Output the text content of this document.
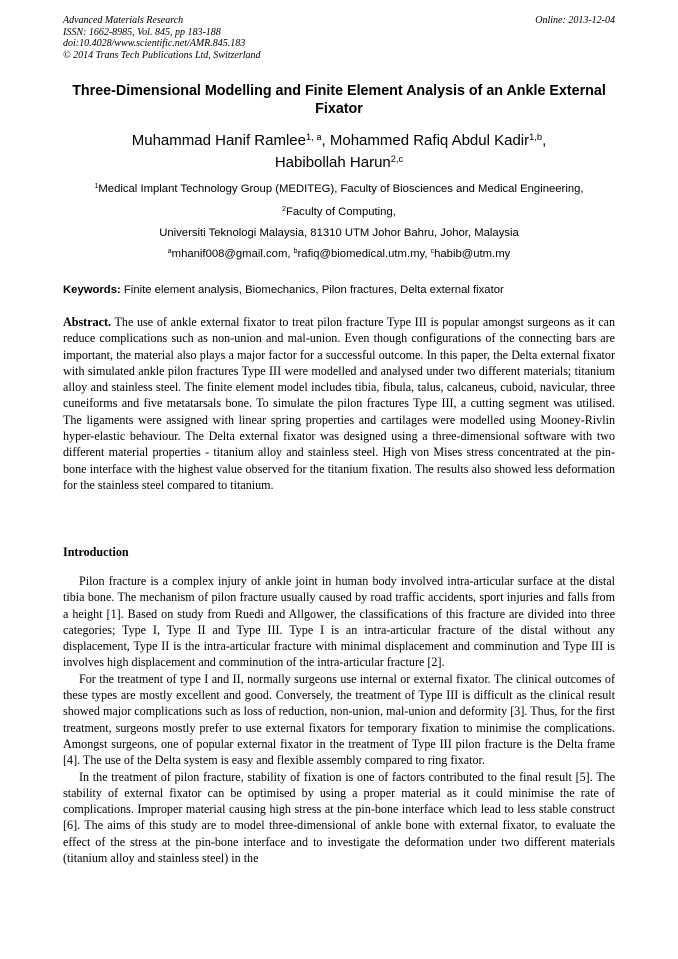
Advanced Materials Research
ISSN: 1662-8985, Vol. 845, pp 183-188
doi:10.4028/www.scientific.net/AMR.845.183
© 2014 Trans Tech Publications Ltd, Switzerland
Online: 2013-12-04
Three-Dimensional Modelling and Finite Element Analysis of an Ankle External Fixator
Muhammad Hanif Ramlee$^{1, a}$, Mohammed Rafiq Abdul Kadir$^{1,b}$,
Habibollah Harun$^{2,c}$
$^1$Medical Implant Technology Group (MEDITEG), Faculty of Biosciences and Medical Engineering,
$^2$Faculty of Computing,
Universiti Teknologi Malaysia, 81310 UTM Johor Bahru, Johor, Malaysia
$^a$mhanif008@gmail.com, $^b$rafiq@biomedical.utm.my, $^c$habib@utm.my
Keywords: Finite element analysis, Biomechanics, Pilon fractures, Delta external fixator
Abstract. The use of ankle external fixator to treat pilon fracture Type III is popular amongst surgeons as it can reduce complications such as non-union and mal-union. Even though configurations of the connecting bars are important, the material also plays a major factor for a successful outcome. In this paper, the Delta external fixator with simulated ankle pilon fractures Type III were modelled and analysed under two different materials; titanium alloy and stainless steel. The finite element model includes tibia, fibula, talus, calcaneus, cuboid, navicular, three cuneiforms and five metatarsals bone. To simulate the pilon fractures Type III, a cutting segment was utilised. The ligaments were assigned with linear spring properties and cartilages were modelled using Mooney-Rivlin hyper-elastic behaviour. The Delta external fixator was designed using a three-dimensional software with two different material properties - titanium alloy and stainless steel. High von Mises stress concentrated at the pin-bone interface with the highest value observed for the titanium fixation. The results also showed less deformation for the stainless steel compared to titanium.
Introduction

Pilon fracture is a complex injury of ankle joint in human body involved intra-articular surface at the distal tibia bone. The mechanism of pilon fracture usually caused by road traffic accidents, sport injuries and falls from a height [1]. Based on study from Ruedi and Allgower, the classifications of this fracture are divided into three categories; Type I, Type II and Type III. Type I is an intra-articular fracture of the distal without any displacement, Type II is the intra-articular fracture with minimal displacement and comminution and Type III is involves high displacement and comminution of the intra-articular fracture [2].

For the treatment of type I and II, normally surgeons use internal or external fixator. The clinical outcomes of these types are mostly excellent and good. Conversely, the treatment of Type III is difficult as the clinical result showed major complications such as loss of reduction, non-union, mal-union and deformity [3]. Thus, for the first treatment, surgeons mostly prefer to use external fixators for temporary fixation to minimise the complications. Amongst surgeons, one of popular external fixator in the treatment of Type III pilon fracture is the Delta frame [4]. The use of the Delta system is easy and flexible assembly compared to ring fixator.

In the treatment of pilon fracture, stability of fixation is one of factors contributed to the final result [5]. The stability of external fixator can be optimised by using a proper material as it could minimise the rate of complications. Improper material causing high stress at the pin-bone interface which lead to less stable construct [6]. The aims of this study are to model three-dimensional of ankle bone with external fixator, to evaluate the effect of the stress at the pin-bone interface and to investigate the deformation under two different materials (titanium alloy and stainless steel) in the
